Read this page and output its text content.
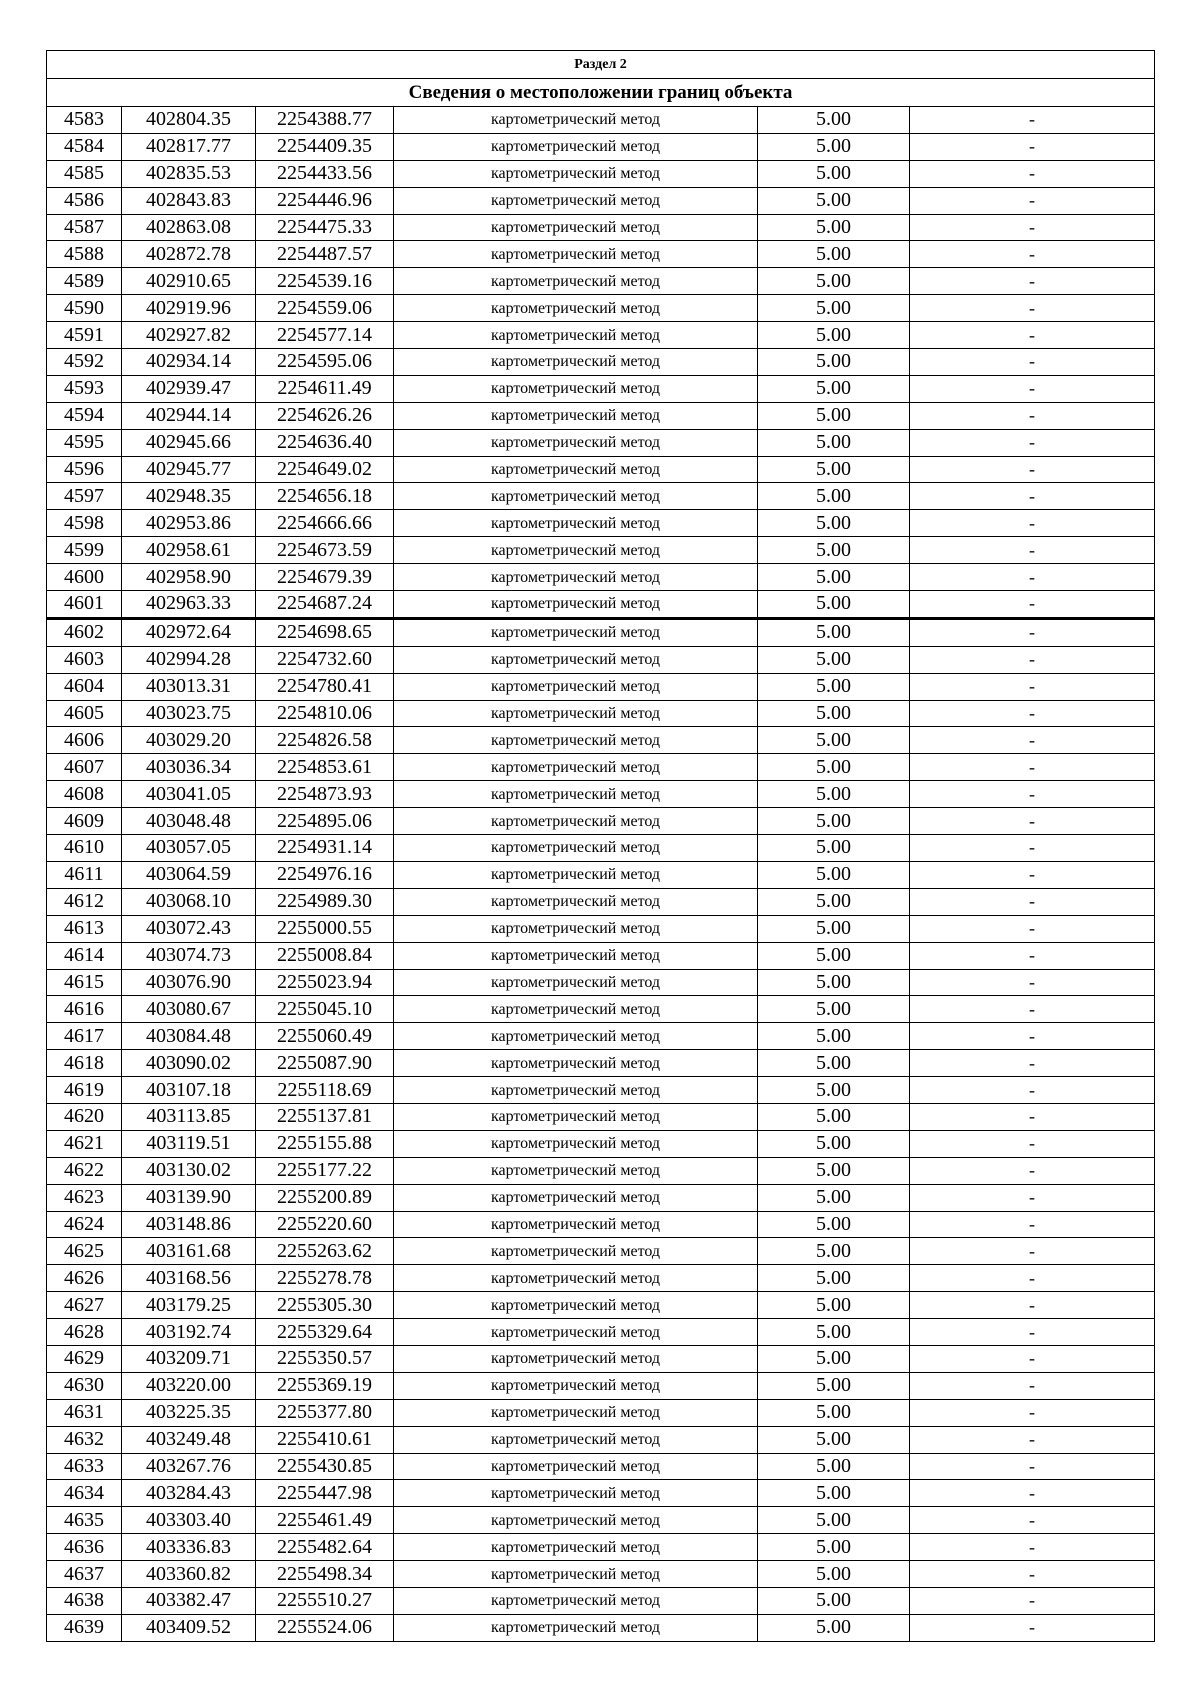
Раздел 2					
Сведения о местоположении границ объекта					
4583	402804.35	2254388.77	картометрический метод	5.00	-
4584	402817.77	2254409.35	картометрический метод	5.00	-
4585	402835.53	2254433.56	картометрический метод	5.00	-
4586	402843.83	2254446.96	картометрический метод	5.00	-
4587	402863.08	2254475.33	картометрический метод	5.00	-
4588	402872.78	2254487.57	картометрический метод	5.00	-
4589	402910.65	2254539.16	картометрический метод	5.00	-
4590	402919.96	2254559.06	картометрический метод	5.00	-
4591	402927.82	2254577.14	картометрический метод	5.00	-
4592	402934.14	2254595.06	картометрический метод	5.00	-
4593	402939.47	2254611.49	картометрический метод	5.00	-
4594	402944.14	2254626.26	картометрический метод	5.00	-
4595	402945.66	2254636.40	картометрический метод	5.00	-
4596	402945.77	2254649.02	картометрический метод	5.00	-
4597	402948.35	2254656.18	картометрический метод	5.00	-
4598	402953.86	2254666.66	картометрический метод	5.00	-
4599	402958.61	2254673.59	картометрический метод	5.00	-
4600	402958.90	2254679.39	картометрический метод	5.00	-
4601	402963.33	2254687.24	картометрический метод	5.00	-
4602	402972.64	2254698.65	картометрический метод	5.00	-
4603	402994.28	2254732.60	картометрический метод	5.00	-
4604	403013.31	2254780.41	картометрический метод	5.00	-
4605	403023.75	2254810.06	картометрический метод	5.00	-
4606	403029.20	2254826.58	картометрический метод	5.00	-
4607	403036.34	2254853.61	картометрический метод	5.00	-
4608	403041.05	2254873.93	картометрический метод	5.00	-
4609	403048.48	2254895.06	картометрический метод	5.00	-
4610	403057.05	2254931.14	картометрический метод	5.00	-
4611	403064.59	2254976.16	картометрический метод	5.00	-
4612	403068.10	2254989.30	картометрический метод	5.00	-
4613	403072.43	2255000.55	картометрический метод	5.00	-
4614	403074.73	2255008.84	картометрический метод	5.00	-
4615	403076.90	2255023.94	картометрический метод	5.00	-
4616	403080.67	2255045.10	картометрический метод	5.00	-
4617	403084.48	2255060.49	картометрический метод	5.00	-
4618	403090.02	2255087.90	картометрический метод	5.00	-
4619	403107.18	2255118.69	картометрический метод	5.00	-
4620	403113.85	2255137.81	картометрический метод	5.00	-
4621	403119.51	2255155.88	картометрический метод	5.00	-
4622	403130.02	2255177.22	картометрический метод	5.00	-
4623	403139.90	2255200.89	картометрический метод	5.00	-
4624	403148.86	2255220.60	картометрический метод	5.00	-
4625	403161.68	2255263.62	картометрический метод	5.00	-
4626	403168.56	2255278.78	картометрический метод	5.00	-
4627	403179.25	2255305.30	картометрический метод	5.00	-
4628	403192.74	2255329.64	картометрический метод	5.00	-
4629	403209.71	2255350.57	картометрический метод	5.00	-
4630	403220.00	2255369.19	картометрический метод	5.00	-
4631	403225.35	2255377.80	картометрический метод	5.00	-
4632	403249.48	2255410.61	картометрический метод	5.00	-
4633	403267.76	2255430.85	картометрический метод	5.00	-
4634	403284.43	2255447.98	картометрический метод	5.00	-
4635	403303.40	2255461.49	картометрический метод	5.00	-
4636	403336.83	2255482.64	картометрический метод	5.00	-
4637	403360.82	2255498.34	картометрический метод	5.00	-
4638	403382.47	2255510.27	картометрический метод	5.00	-
4639	403409.52	2255524.06	картометрический метод	5.00	-
